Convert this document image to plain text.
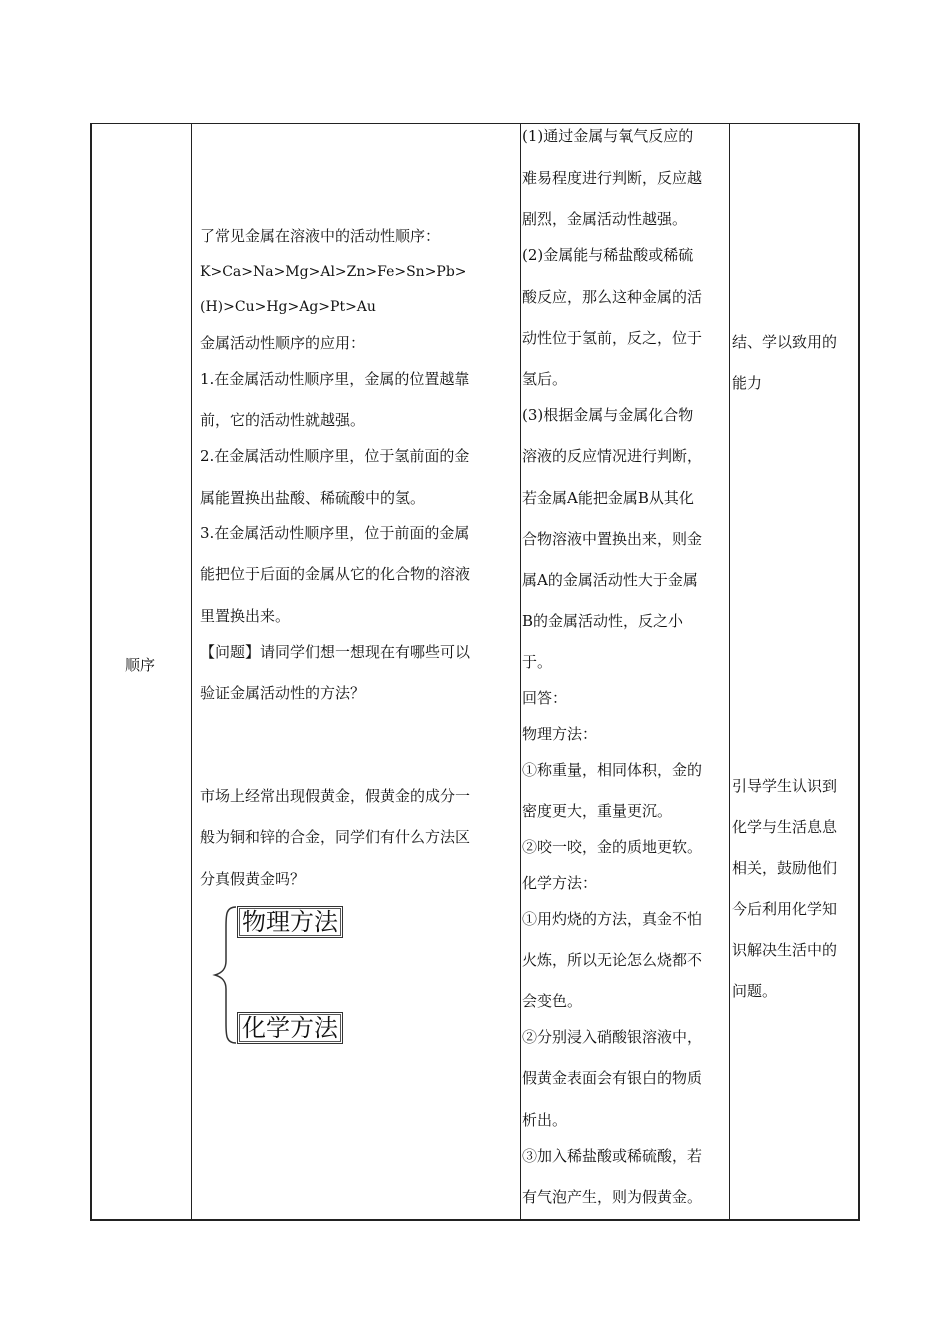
顺序
了常见金属在溶液中的活动性顺序：
K>Ca>Na>Mg>Al>Zn>Fe>Sn>Pb>
(H)>Cu>Hg>Ag>Pt>Au
金属活动性顺序的应用：
1.在金属活动性顺序里，金属的位置越靠
前，它的活动性就越强。
2.在金属活动性顺序里，位于氢前面的金
属能置换出盐酸、稀硫酸中的氢。
3.在金属活动性顺序里，位于前面的金属
能把位于后面的金属从它的化合物的溶液
里置换出来。
【问题】请同学们想一想现在有哪些可以
验证金属活动性的方法？
市场上经常出现假黄金，假黄金的成分一
般为铜和锌的合金，同学们有什么方法区
分真假黄金吗？
物理方法
化学方法
(1)通过金属与氧气反应的
难易程度进行判断，反应越
剧烈，金属活动性越强。
(2)金属能与稀盐酸或稀硫
酸反应，那么这种金属的活
动性位于氢前，反之，位于
氢后。
(3)根据金属与金属化合物
溶液的反应情况进行判断，
若金属A能把金属B从其化
合物溶液中置换出来，则金
属A的金属活动性大于金属
B的金属活动性，反之小
于。
回答：
物理方法：
①称重量，相同体积，金的
密度更大，重量更沉。
②咬一咬，金的质地更软。
化学方法：
①用灼烧的方法，真金不怕
火炼，所以无论怎么烧都不
会变色。
②分别浸入硝酸银溶液中，
假黄金表面会有银白的物质
析出。
③加入稀盐酸或稀硫酸，若
有气泡产生，则为假黄金。
结、学以致用的
能力
引导学生认识到
化学与生活息息
相关，鼓励他们
今后利用化学知
识解决生活中的
问题。
